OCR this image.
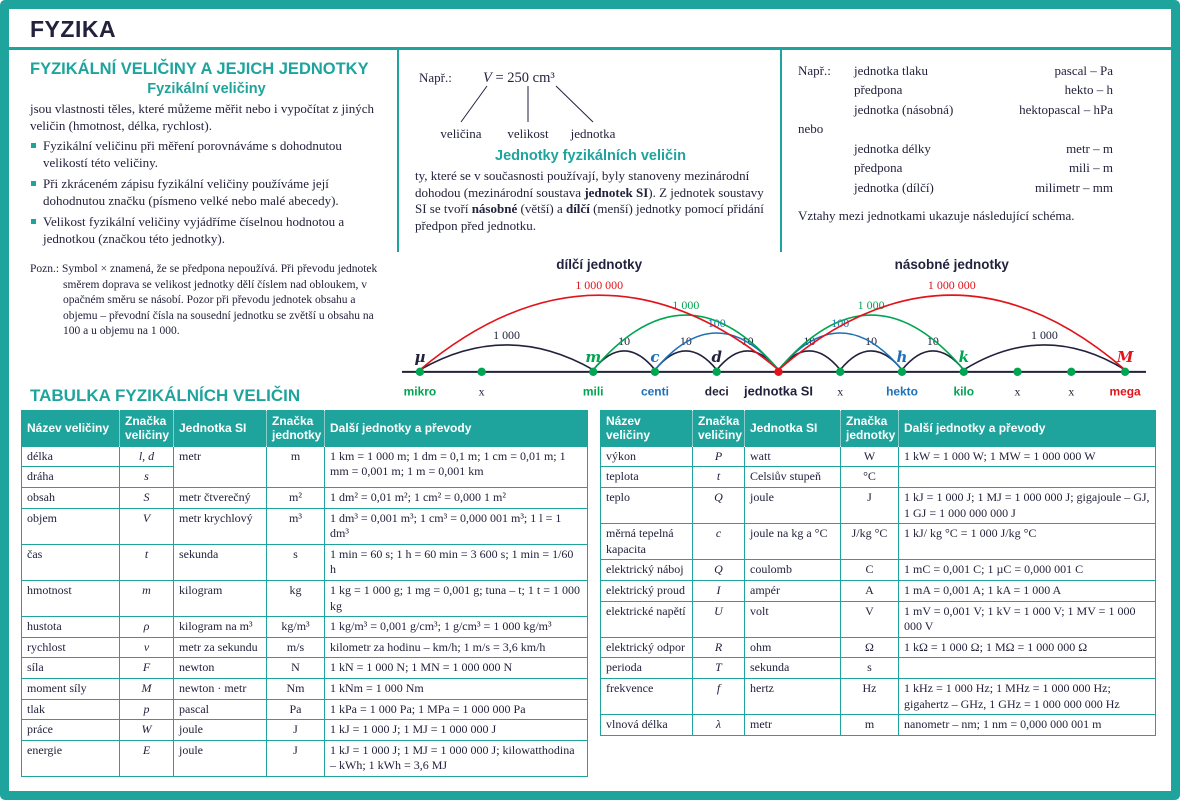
FYZIKA
FYZIKÁLNÍ VELIČINY A JEJICH JEDNOTKY
Fyzikální veličiny

jsou vlastnosti těles, které můžeme měřit nebo i vypočítat z jiných veličin (hmotnost, délka, rychlost).

Fyzikální veličinu při měření porovnáváme s dohodnutou velikostí této veličiny.
Při zkráceném zápisu fyzikální veličiny používáme její dohodnutou značku (písmeno velké nebo malé abecedy).
Velikost fyzikální veličiny vyjádříme číselnou hodnotou a jednotkou (značkou této jednotky).
Např.: V = 250 cm³
veličina velikost jednotka
Jednotky fyzikálních veličin

ty, které se v současnosti používají, byly stanoveny mezinárodní dohodou (mezinárodní soustava jednotek SI). Z jednotek soustavy SI se tvoří násobné (větší) a dílčí (menší) jednotky pomocí přidání předpon před jednotku.

Např.:	jednotka tlaku	pascal – Pa
předpona	hekto – h
jednotka (násobná)	hektopascal – hPa
nebo
jednotka délky	metr – m
předpona	mili – m
jednotka (dílčí)	milimetr – mm

Vztahy mezi jednotkami ukazuje následující schéma.

Pozn.: Symbol × znamená, že se předpona nepoužívá. Při převodu jednotek směrem doprava se velikost jednotky dělí číslem nad obloukem, v opačném směru se násobí. Pozor při převodu jednotek obsahu a objemu – převodní čísla na sousední jednotku se zvětší u obsahu na 100 a u objemu na 1 000.

TABULKA FYZIKÁLNÍCH VELIČIN
dílčí jednotky	násobné jednotky
1 000	10	10	10
100
1 000
1 000 000
10	10	10
100
1 000
1 000
1 000 000
µ
mikro	x
m
mili
c
centi
d
deci jednotka SI x
h
hekto
k
kilo	x	x
M
mega
Název veličiny	Značka veličiny	Jednotka SI	Značka jednotky	Další jednotky a převody
délka	l, d	metr	m	1 km = 1 000 m; 1 dm = 0,1 m; 1 cm = 0,01 m; 1 mm = 0,001 m; 1 m = 0,001 km
dráha	s			
obsah	S	metr čtverečný	m²	1 dm² = 0,01 m²; 1 cm² = 0,000 1 m²
objem	V	metr krychlový	m³	1 dm³ = 0,001 m³; 1 cm³ = 0,000 001 m³; 1 l = 1 dm³
čas	t	sekunda	s	1 min = 60 s; 1 h = 60 min = 3 600 s; 1 min = 1/60 h
hmotnost	m	kilogram	kg	1 kg = 1 000 g; 1 mg = 0,001 g; tuna – t; 1 t = 1 000 kg
hustota	ρ	kilogram na m³	kg/m³	1 kg/m³ = 0,001 g/cm³; 1 g/cm³ = 1 000 kg/m³
rychlost	v	metr za sekundu	m/s	kilometr za hodinu – km/h; 1 m/s = 3,6 km/h
síla	F	newton	N	1 kN = 1 000 N; 1 MN = 1 000 000 N
moment síly	M	newton · metr	Nm	1 kNm = 1 000 Nm
tlak	p	pascal	Pa	1 kPa = 1 000 Pa; 1 MPa = 1 000 000 Pa
práce	W	joule	J	1 kJ = 1 000 J; 1 MJ = 1 000 000 J
energie	E	joule	J	1 kJ = 1 000 J; 1 MJ = 1 000 000 J; kilowatthodina – kWh; 1 kWh = 3,6 MJ
Název veličiny	Značka veličiny	Jednotka SI	Značka jednotky	Další jednotky a převody
výkon	P	watt	W	1 kW = 1 000 W; 1 MW = 1 000 000 W
teplota	t	Celsiův stupeň	°C	
teplo	Q	joule	J	1 kJ = 1 000 J; 1 MJ = 1 000 000 J; gigajoule – GJ, 1 GJ = 1 000 000 000 J
měrná tepelná kapacita	c	joule na kg a °C	J/kg °C	1 kJ/ kg °C = 1 000 J/kg °C
elektrický náboj	Q	coulomb	C	1 mC = 0,001 C; 1 µC = 0,000 001 C
elektrický proud	I	ampér	A	1 mA = 0,001 A; 1 kA = 1 000 A
elektrické napětí	U	volt	V	1 mV = 0,001 V; 1 kV = 1 000 V; 1 MV = 1 000 000 V
elektrický odpor	R	ohm	Ω	1 kΩ = 1 000 Ω; 1 MΩ = 1 000 000 Ω
perioda	T	sekunda	s	
frekvence	f	hertz	Hz	1 kHz = 1 000 Hz; 1 MHz = 1 000 000 Hz; gigahertz – GHz, 1 GHz = 1 000 000 000 Hz
vlnová délka	λ	metr	m	nanometr – nm; 1 nm = 0,000 000 001 m
